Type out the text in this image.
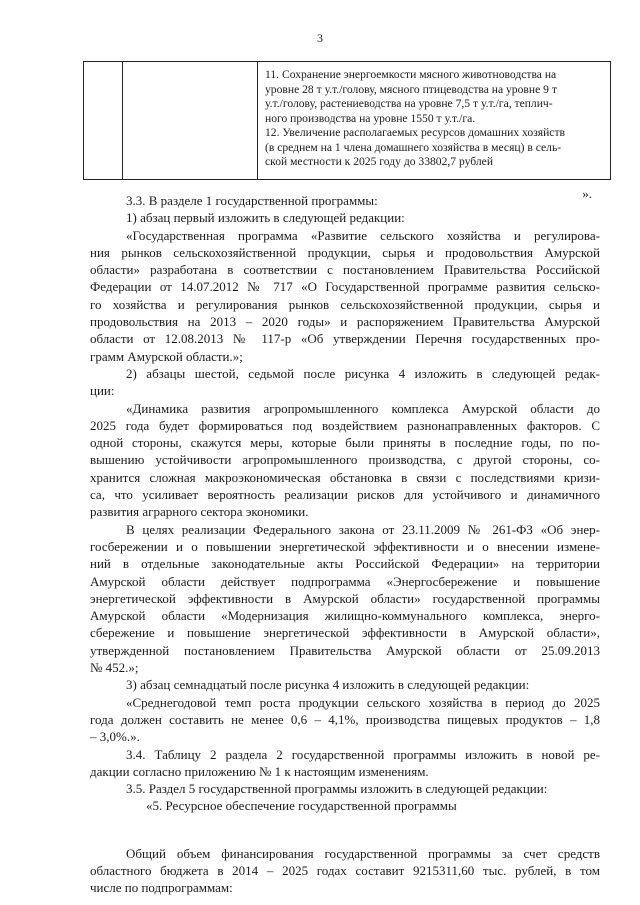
3

11. Сохранение энергоемкости мясного животноводства на
уровне 28 т у.т./голову, мясного птицеводства на уровне 9 т
у.т./голову, растениеводства на уровне 7,5 т у.т./га, теплич-
ного производства на уровне 1550 т у.т./га.
12. Увеличение располагаемых ресурсов домашних хозяйств
(в среднем на 1 члена домашнего хозяйства в месяц) в сель-
ской местности к 2025 году до 33802,7 рублей
».

3.3. В разделе 1 государственной программы:

1) абзац первый изложить в следующей редакции:

«Государственная программа «Развитие сельского хозяйства и регулирова-
ния рынков сельскохозяйственной продукции, сырья и продовольствия Амурской
области» разработана в соответствии с постановлением Правительства Российской
Федерации от 14.07.2012 № 717 «О Государственной программе развития сельско-
го хозяйства и регулирования рынков сельскохозяйственной продукции, сырья и
продовольствия на 2013 – 2020 годы» и распоряжением Правительства Амурской
области от 12.08.2013 № 117-р «Об утверждении Перечня государственных про-
грамм Амурской области.»;

2) абзацы шестой, седьмой после рисунка 4 изложить в следующей редак-
ции:

«Динамика развития агропромышленного комплекса Амурской области до
2025 года будет формироваться под воздействием разнонаправленных факторов. С
одной стороны, скажутся меры, которые были приняты в последние годы, по по-
вышению устойчивости агропромышленного производства, с другой стороны, со-
хранится сложная макроэкономическая обстановка в связи с последствиями кризи-
са, что усиливает вероятность реализации рисков для устойчивого и динамичного
развития аграрного сектора экономики.

В целях реализации Федерального закона от 23.11.2009 № 261-ФЗ «Об энер-
госбережении и о повышении энергетической эффективности и о внесении измене-
ний в отдельные законодательные акты Российской Федерации» на территории
Амурской области действует подпрограмма «Энергосбережение и повышение
энергетической эффективности в Амурской области» государственной программы
Амурской области «Модернизация жилищно-коммунального комплекса, энерго-
сбережение и повышение энергетической эффективности в Амурской области»,
утвержденной постановлением Правительства Амурской области от 25.09.2013
№ 452.»;

3) абзац семнадцатый после рисунка 4 изложить в следующей редакции:

«Среднегодовой темп роста продукции сельского хозяйства в период до 2025
года должен составить не менее 0,6 – 4,1%, производства пищевых продуктов – 1,8
– 3,0%.».

3.4. Таблицу 2 раздела 2 государственной программы изложить в новой ре-
дакции согласно приложению № 1 к настоящим изменениям.

3.5. Раздел 5 государственной программы изложить в следующей редакции:

«5. Ресурсное обеспечение государственной программы

Общий объем финансирования государственной программы за счет средств
областного бюджета в 2014 – 2025 годах составит 9215311,60 тыс. рублей, в том
числе по подпрограммам:
